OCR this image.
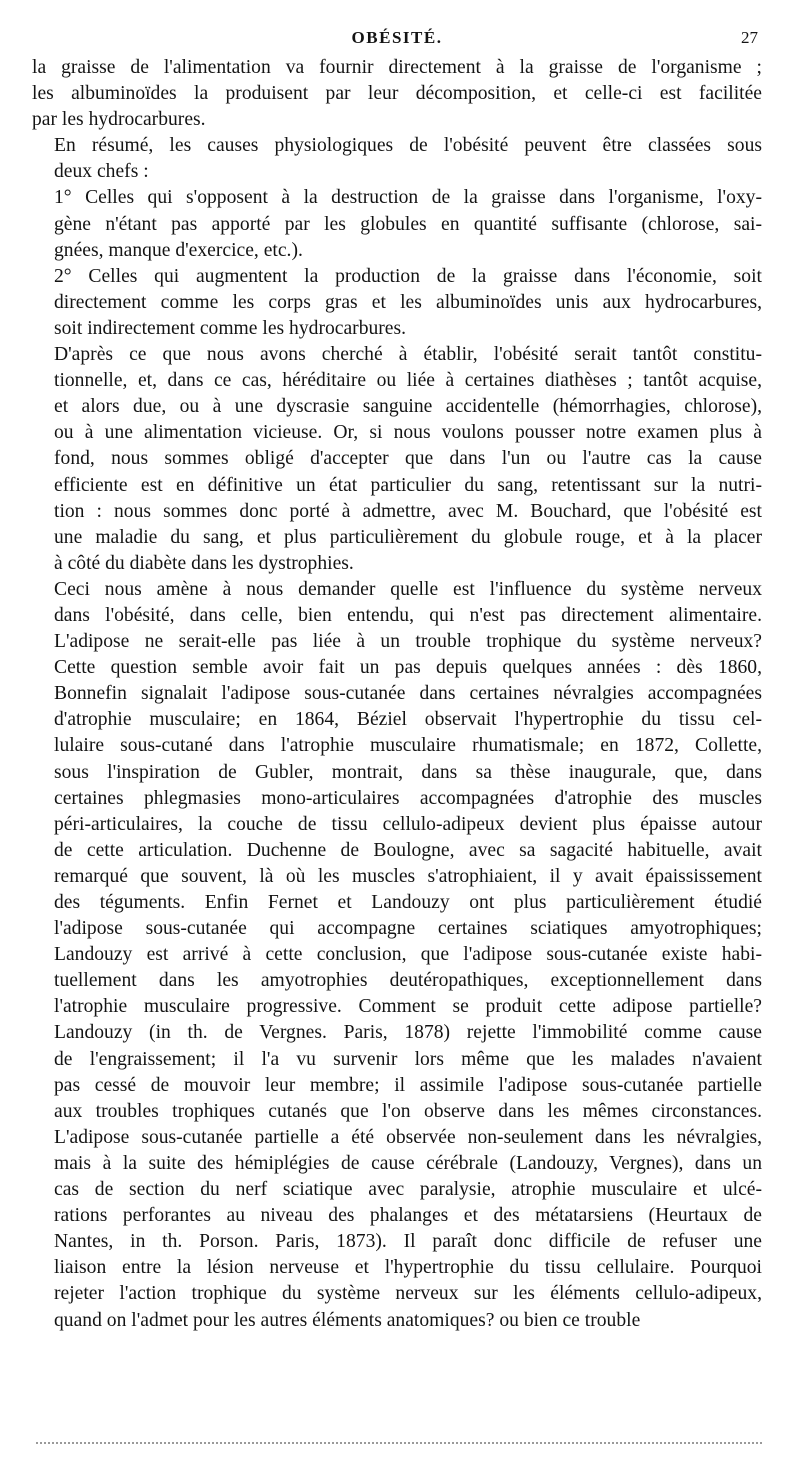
OBÉSITÉ.	27

la graisse de l'alimentation va fournir directement à la graisse de l'organisme ;
les albuminoïdes la produisent par leur décomposition, et celle-ci est facilitée
par les hydrocarbures.

En résumé, les causes physiologiques de l'obésité peuvent être classées sous
deux chefs :

1° Celles qui s'opposent à la destruction de la graisse dans l'organisme, l'oxy-
gène n'étant pas apporté par les globules en quantité suffisante (chlorose, sai-
gnées, manque d'exercice, etc.).

2° Celles qui augmentent la production de la graisse dans l'économie, soit
directement comme les corps gras et les albuminoïdes unis aux hydrocarbures,
soit indirectement comme les hydrocarbures.

D'après ce que nous avons cherché à établir, l'obésité serait tantôt constitu-
tionnelle, et, dans ce cas, héréditaire ou liée à certaines diathèses ; tantôt acquise,
et alors due, ou à une dyscrasie sanguine accidentelle (hémorrhagies, chlorose),
ou à une alimentation vicieuse. Or, si nous voulons pousser notre examen plus à
fond, nous sommes obligé d'accepter que dans l'un ou l'autre cas la cause
efficiente est en définitive un état particulier du sang, retentissant sur la nutri-
tion : nous sommes donc porté à admettre, avec M. Bouchard, que l'obésité est
une maladie du sang, et plus particulièrement du globule rouge, et à la placer
à côté du diabète dans les dystrophies.

Ceci nous amène à nous demander quelle est l'influence du système nerveux
dans l'obésité, dans celle, bien entendu, qui n'est pas directement alimentaire.
L'adipose ne serait-elle pas liée à un trouble trophique du système nerveux?
Cette question semble avoir fait un pas depuis quelques années : dès 1860,
Bonnefin signalait l'adipose sous-cutanée dans certaines névralgies accompagnées
d'atrophie musculaire; en 1864, Béziel observait l'hypertrophie du tissu cel-
lulaire sous-cutané dans l'atrophie musculaire rhumatismale; en 1872, Collette,
sous l'inspiration de Gubler, montrait, dans sa thèse inaugurale, que, dans
certaines phlegmasies mono-articulaires accompagnées d'atrophie des muscles
péri-articulaires, la couche de tissu cellulo-adipeux devient plus épaisse autour
de cette articulation. Duchenne de Boulogne, avec sa sagacité habituelle, avait
remarqué que souvent, là où les muscles s'atrophiaient, il y avait épaississement
des téguments. Enfin Fernet et Landouzy ont plus particulièrement étudié
l'adipose sous-cutanée qui accompagne certaines sciatiques amyotrophiques;
Landouzy est arrivé à cette conclusion, que l'adipose sous-cutanée existe habi-
tuellement dans les amyotrophies deutéropathiques, exceptionnellement dans
l'atrophie musculaire progressive. Comment se produit cette adipose partielle?
Landouzy (in th. de Vergnes. Paris, 1878) rejette l'immobilité comme cause
de l'engraissement; il l'a vu survenir lors même que les malades n'avaient
pas cessé de mouvoir leur membre; il assimile l'adipose sous-cutanée partielle
aux troubles trophiques cutanés que l'on observe dans les mêmes circonstances.
L'adipose sous-cutanée partielle a été observée non-seulement dans les névralgies,
mais à la suite des hémiplégies de cause cérébrale (Landouzy, Vergnes), dans un
cas de section du nerf sciatique avec paralysie, atrophie musculaire et ulcé-
rations perforantes au niveau des phalanges et des métatarsiens (Heurtaux de
Nantes, in th. Porson. Paris, 1873). Il paraît donc difficile de refuser une
liaison entre la lésion nerveuse et l'hypertrophie du tissu cellulaire. Pourquoi
rejeter l'action trophique du système nerveux sur les éléments cellulo-adipeux,
quand on l'admet pour les autres éléments anatomiques? ou bien ce trouble
